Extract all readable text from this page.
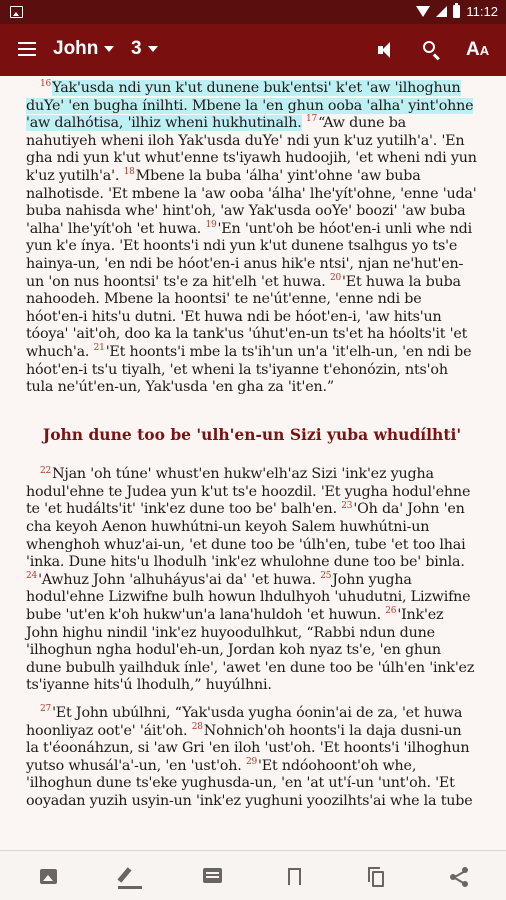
11:12
John 3	AA
$^{16}$Yak'usda ndi yun k'ut dunene buk'entsi' k'et 'aw 'ilhoghun duYe' 'en bugha ínilhti. Mbene la 'en ghun ooba 'alha' yint'ohne 'aw dalhótisa, 'ilhiz wheni hukhutinalh. $^{17}$“Aw dune ba nahutiyeh wheni iloh Yak'usda duYe' ndi yun k'uz yutilh'a'. 'En gha ndi yun k'ut whut'enne ts'iyawh hudoojih, 'et wheni ndi yun k'uz yutilh'a'. $^{18}$Mbene la buba 'álha' yint'ohne 'aw buba nalhotisde. 'Et mbene la 'aw ooba 'álha' lhe'yít'ohne, 'enne 'uda' buba nahisda whe' hint'oh, 'aw Yak'usda ooYe' boozi' 'aw buba 'alha' lhe'yít'oh 'et huwa. $^{19}$'En 'unt'oh be hóot'en-i unli whe ndi yun k'e ínya. 'Et hoonts'i ndi yun k'ut dunene tsalhgus yo ts'e hainya-un, 'en ndi be hóot'en-i anus hik'e ntsi', njan ne'hut'en-un 'on nus hoontsi' ts'e za hit'elh 'et huwa. $^{20}$'Et huwa la buba nahoodeh. Mbene la hoontsi' te ne'út'enne, 'enne ndi be hóot'en-i hits'u dutni. 'Et huwa ndi be hóot'en-i, 'aw hits'un tóoya' 'ait'oh, doo ka la tank'us 'úhut'en-un ts'et ha hóolts'it 'et whuch'a. $^{21}$'Et hoonts'i mbe la ts'ih'un un'a 'it'elh-un, 'en ndi be hóot'en-i ts'u tiyalh, 'et wheni la ts'iyanne t'ehonózin, nts'oh tula ne'út'en-un, Yak'usda 'en gha za 'it'en.”
John dune too be 'ulh'en-un Sizi yuba whudílhti'
$^{22}$Njan 'oh túne' whust'en hukw'elh'az Sizi 'ink'ez yugha hodul'ehne te Judea yun k'ut ts'e hoozdil. 'Et yugha hodul'ehne te 'et hudálts'it' 'ink'ez dune too be' balh'en. $^{23}$'Oh da' John 'en cha keyoh Aenon huwhútni-un keyoh Salem huwhútni-un whenghoh whuz'ai-un, 'et dune too be 'úlh'en, tube 'et too lhai 'inka. Dune hits'u lhodulh 'ink'ez whulohne dune too be' binla. $^{24}$'Awhuz John 'alhuháyus'ai da' 'et huwa. $^{25}$John yugha hodul'ehne Lizwifne bulh howun lhdulhyoh 'uhudutni, Lizwifne bube 'ut'en k'oh hukw'un'a lana'huldoh 'et huwun. $^{26}$'Ink'ez John highu nindil 'ink'ez huyoodulhkut, “Rabbi ndun dune 'ilhoghun ngha hodul'eh-un, Jordan koh nyaz ts'e, 'en ghun dune bubulh yailhduk ínle', 'awet 'en dune too be 'úlh'en 'ink'ez ts'iyanne hits'ú lhodulh,” huyúlhni.
$^{27}$'Et John ubúlhni, “Yak'usda yugha óonin'ai de za, 'et huwa hoonliyaz oot'e' 'áit'oh. $^{28}$Nohnich'oh hoonts'i la daja dusni-un la t'éoonáhzun, si 'aw Gri 'en iloh 'ust'oh. 'Et hoonts'i 'ilhoghun yutso whusál'a'-un, 'en 'ust'oh. $^{29}$'Et ndóohoont'oh whe, 'ilhoghun dune ts'eke yughusda-un, 'en 'at ut'í-un 'unt'oh. 'Et ooyadan yuzih usyin-un 'ink'ez yughuni yoozilhts'ai whe la tube
